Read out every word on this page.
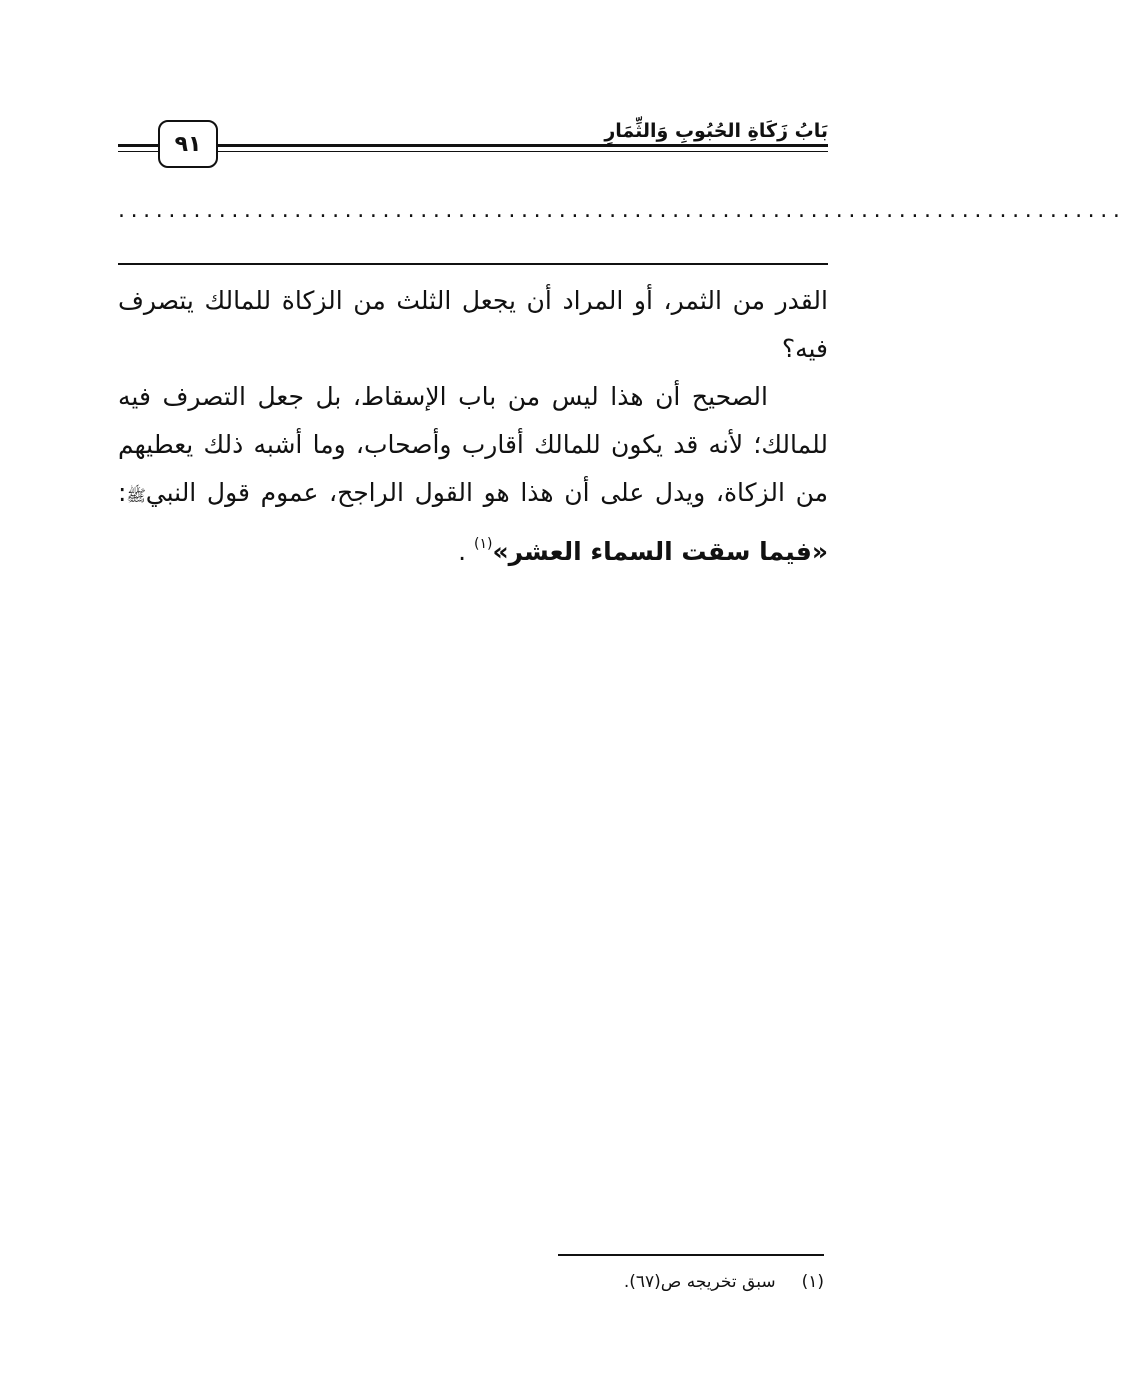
٩١
بَابُ زَكَاةِ الحُبُوبِ وَالثِّمَارِ
................................................................................

القدر من الثمر، أو المراد أن يجعل الثلث من الزكاة للمالك يتصرف فيه؟

الصحيح أن هذا ليس من باب الإسقاط، بل جعل التصرف فيه للمالك؛ لأنه قد يكون للمالك أقارب وأصحاب، وما أشبه ذلك يعطيهم من الزكاة، ويدل على أن هذا هو القول الراجح، عموم قول النبيﷺ: «فيما سقت السماء العشر»$^{(١)}$ .

(١)سبق تخريجه ص(٦٧).
